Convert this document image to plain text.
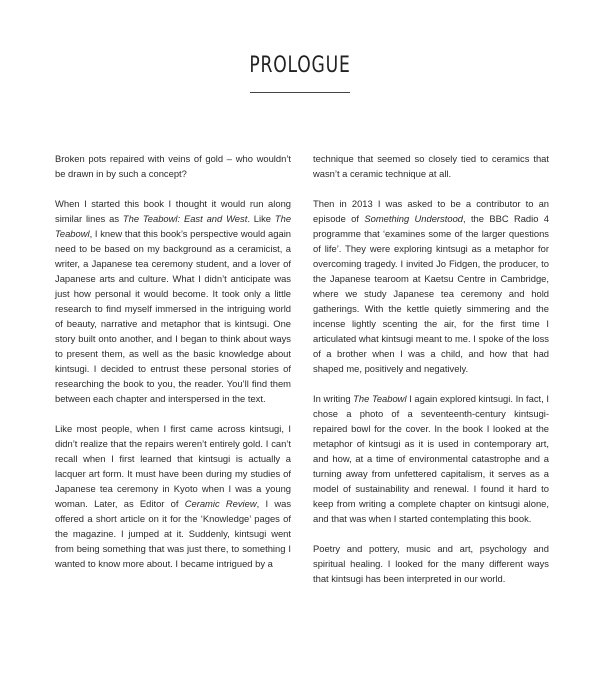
PROLOGUE

Broken pots repaired with veins of gold – who wouldn’t be drawn in by such a concept?

When I started this book I thought it would run along similar lines as The Teabowl: East and West. Like The Teabowl, I knew that this book’s perspective would again need to be based on my background as a ceramicist, a writer, a Japanese tea ceremony student, and a lover of Japanese arts and culture. What I didn’t anticipate was just how personal it would become. It took only a little research to find myself immersed in the intriguing world of beauty, narrative and metaphor that is kintsugi. One story built onto another, and I began to think about ways to present them, as well as the basic knowledge about kintsugi. I decided to entrust these personal stories of researching the book to you, the reader. You’ll find them between each chapter and interspersed in the text.

Like most people, when I first came across kintsugi, I didn’t realize that the repairs weren’t entirely gold. I can’t recall when I first learned that kintsugi is actually a lacquer art form. It must have been during my studies of Japanese tea ceremony in Kyoto when I was a young woman. Later, as Editor of Ceramic Review, I was offered a short article on it for the ‘Knowledge’ pages of the magazine. I jumped at it. Suddenly, kintsugi went from being something that was just there, to something I wanted to know more about. I became intrigued by a

technique that seemed so closely tied to ceramics that wasn’t a ceramic technique at all.

Then in 2013 I was asked to be a contributor to an episode of Something Understood, the BBC Radio 4 programme that ‘examines some of the larger questions of life’. They were exploring kintsugi as a metaphor for overcoming tragedy. I invited Jo Fidgen, the producer, to the Japanese tearoom at Kaetsu Centre in Cambridge, where we study Japanese tea ceremony and hold gatherings. With the kettle quietly simmering and the incense lightly scenting the air, for the first time I articulated what kintsugi meant to me. I spoke of the loss of a brother when I was a child, and how that had shaped me, positively and negatively.

In writing The Teabowl I again explored kintsugi. In fact, I chose a photo of a seventeenth-century kintsugi-repaired bowl for the cover. In the book I looked at the metaphor of kintsugi as it is used in contemporary art, and how, at a time of environmental catastrophe and a turning away from unfettered capitalism, it serves as a model of sustainability and renewal. I found it hard to keep from writing a complete chapter on kintsugi alone, and that was when I started contemplating this book.

Poetry and pottery, music and art, psychology and spiritual healing. I looked for the many different ways that kintsugi has been interpreted in our world.
